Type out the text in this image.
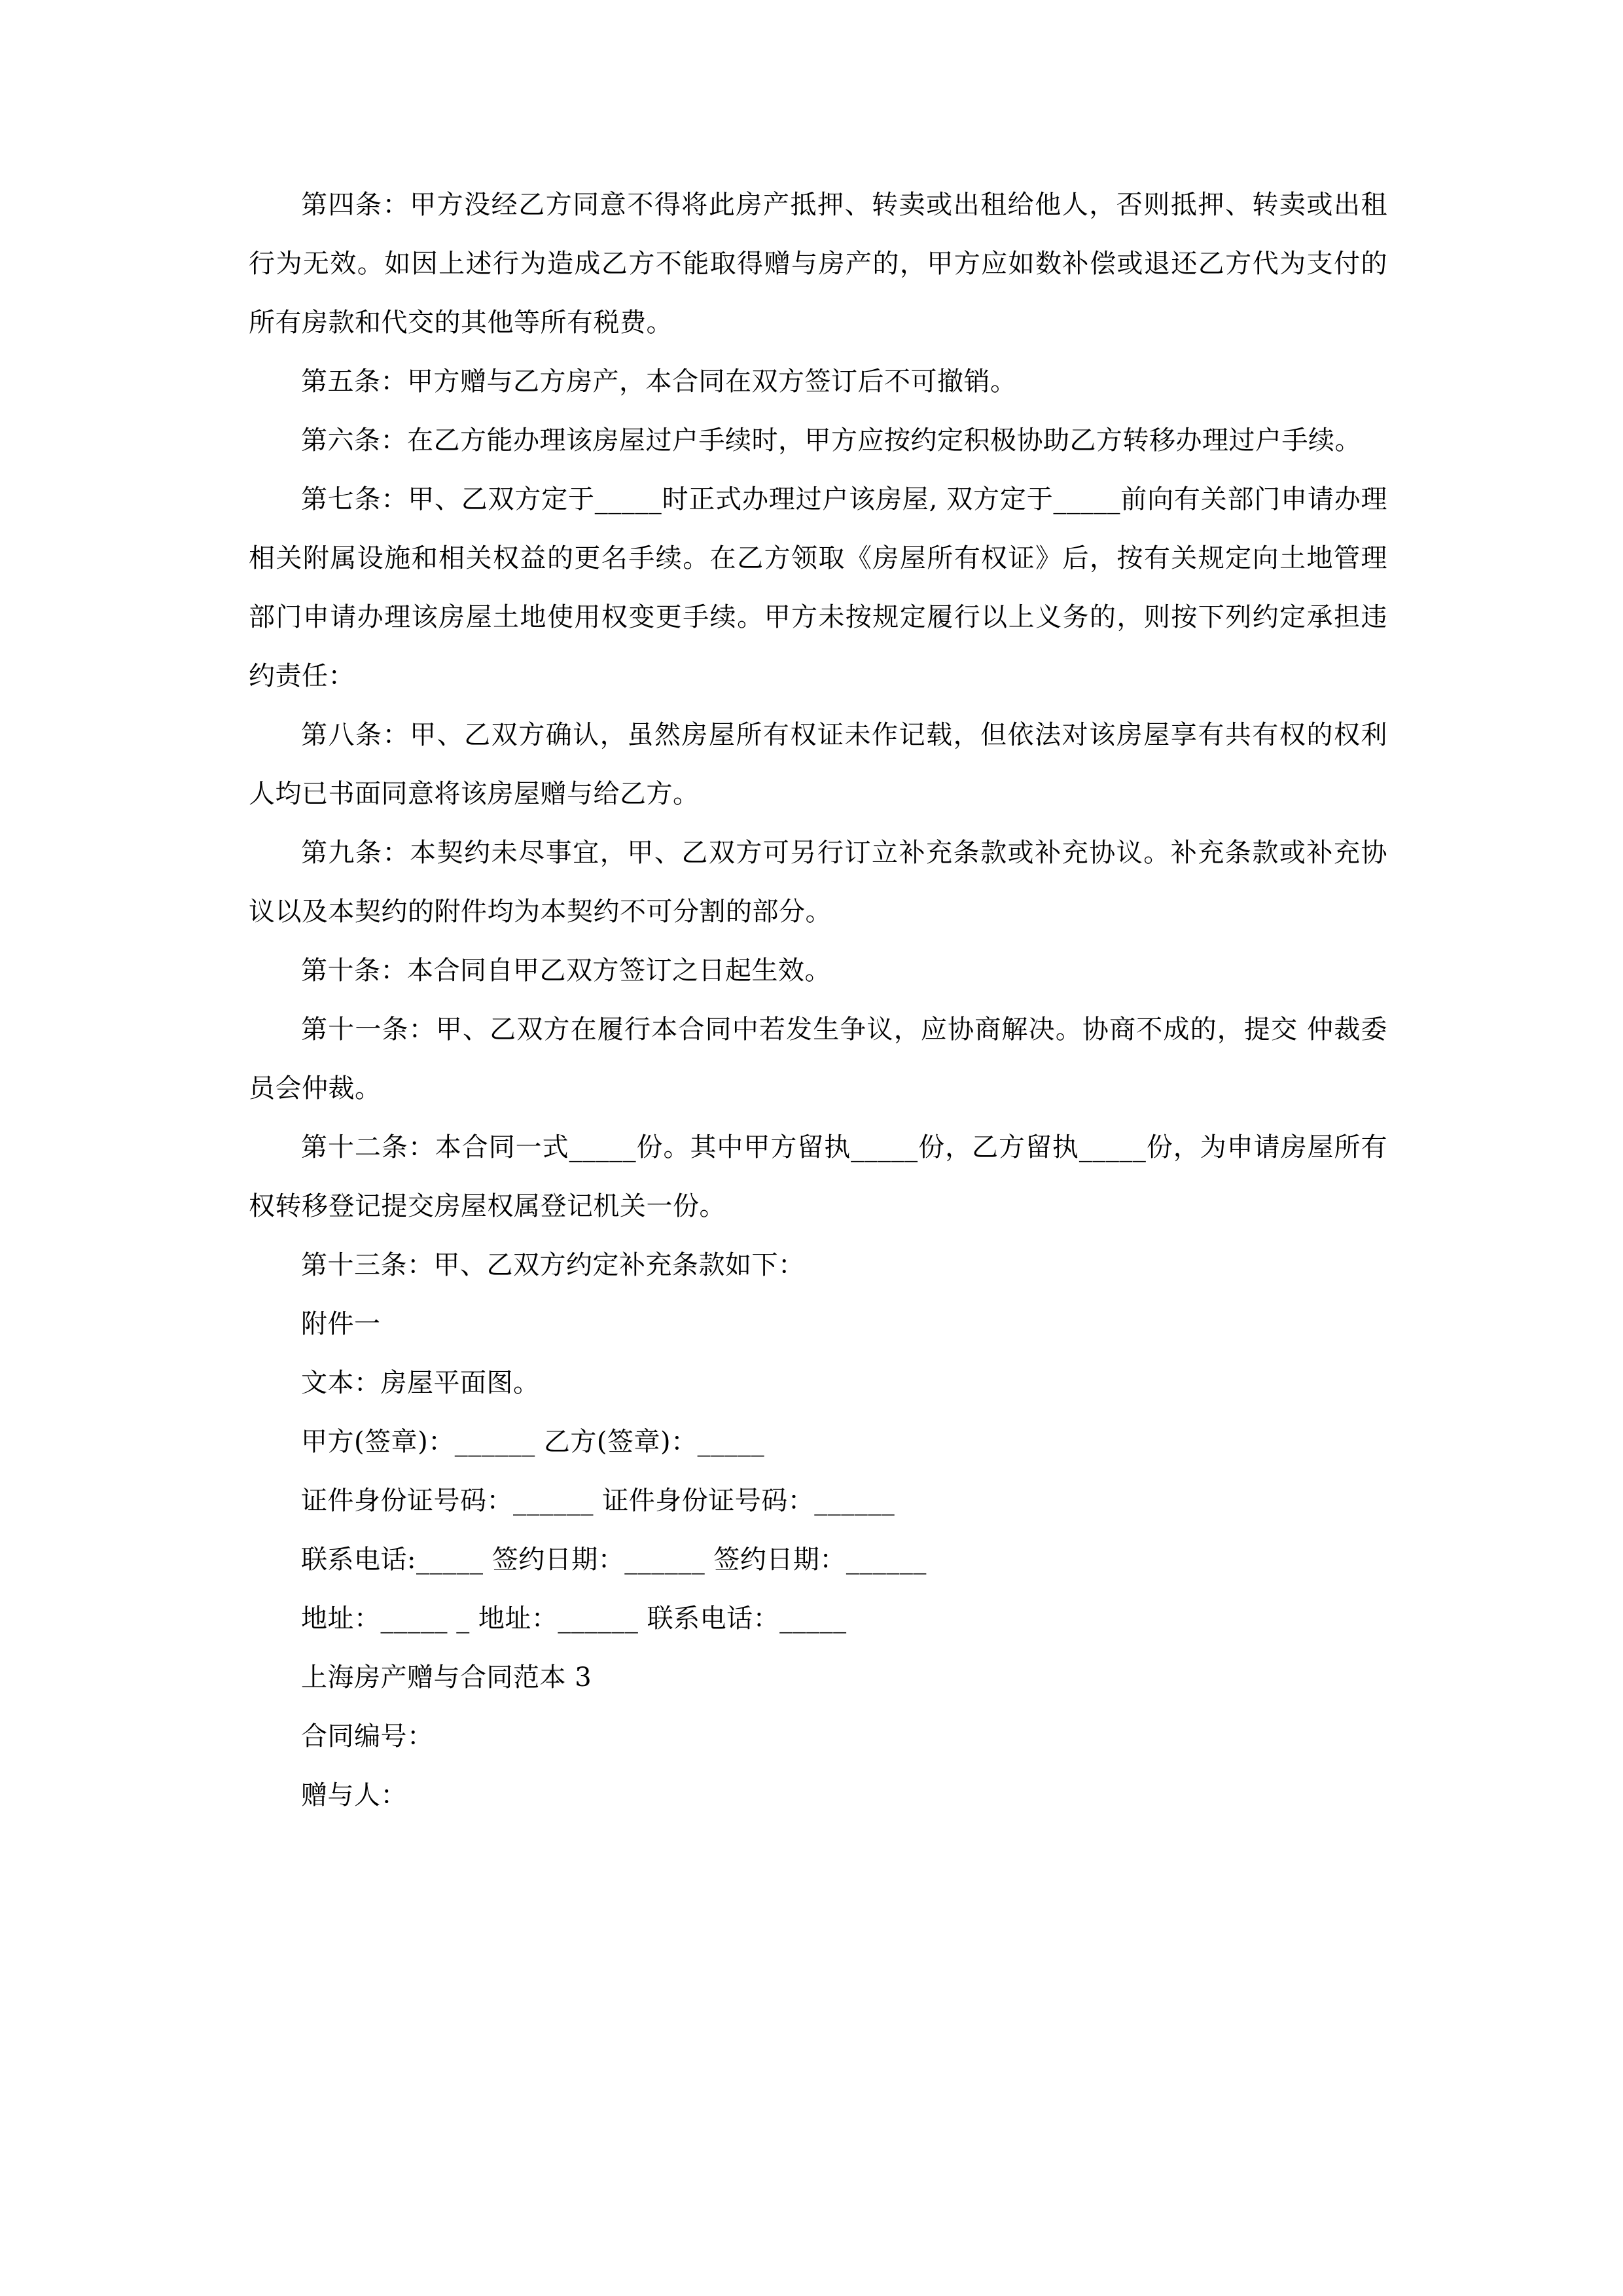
第四条：甲方没经乙方同意不得将此房产抵押、转卖或出租给他人，否则抵押、转卖或出租行为无效。如因上述行为造成乙方不能取得赠与房产的，甲方应如数补偿或退还乙方代为支付的所有房款和代交的其他等所有税费。

第五条：甲方赠与乙方房产，本合同在双方签订后不可撤销。

第六条：在乙方能办理该房屋过户手续时，甲方应按约定积极协助乙方转移办理过户手续。

第七条：甲、乙双方定于_____时正式办理过户该房屋, 双方定于_____前向有关部门申请办理相关附属设施和相关权益的更名手续。在乙方领取《房屋所有权证》后，按有关规定向土地管理部门申请办理该房屋土地使用权变更手续。甲方未按规定履行以上义务的，则按下列约定承担违约责任：

第八条：甲、乙双方确认，虽然房屋所有权证未作记载，但依法对该房屋享有共有权的权利人均已书面同意将该房屋赠与给乙方。

第九条：本契约未尽事宜，甲、乙双方可另行订立补充条款或补充协议。补充条款或补充协议以及本契约的附件均为本契约不可分割的部分。

第十条：本合同自甲乙双方签订之日起生效。

第十一条：甲、乙双方在履行本合同中若发生争议，应协商解决。协商不成的，提交 仲裁委员会仲裁。

第十二条：本合同一式_____份。其中甲方留执_____份，乙方留执_____份，为申请房屋所有权转移登记提交房屋权属登记机关一份。

第十三条：甲、乙双方约定补充条款如下：

附件一

文本：房屋平面图。

甲方(签章)：______ 乙方(签章)：_____

证件身份证号码：______ 证件身份证号码：______

联系电话:_____ 签约日期：______ 签约日期：______

地址：_____ _ 地址：______ 联系电话：_____

上海房产赠与合同范本 3

合同编号：

赠与人：
